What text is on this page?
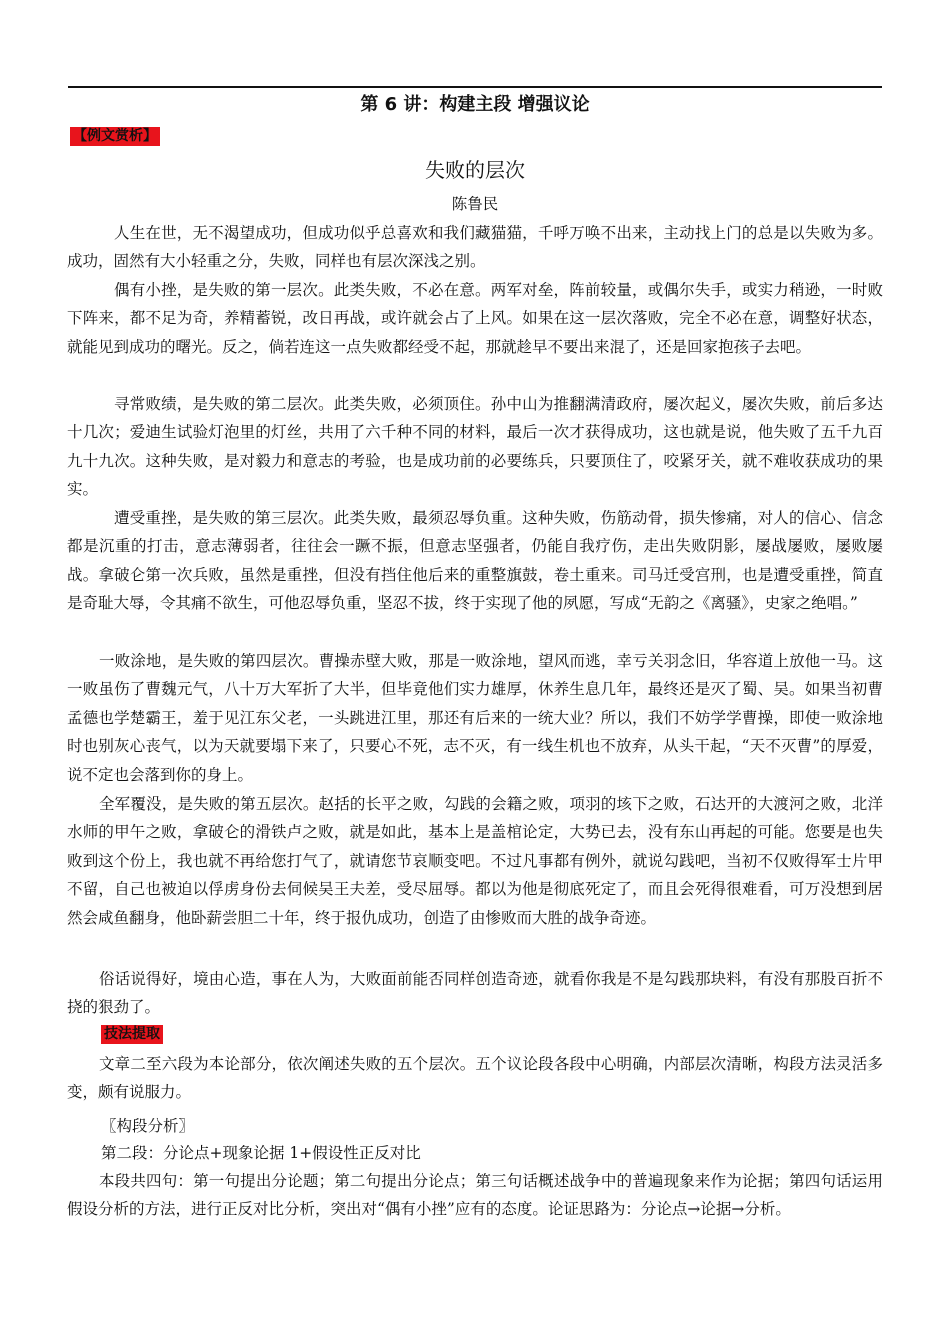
第 6 讲：构建主段 增强议论
【例文赏析】
失败的层次
陈鲁民

人生在世，无不渴望成功，但成功似乎总喜欢和我们藏猫猫，千呼万唤不出来，主动找上门的总是以失败为多。成功，固然有大小轻重之分，失败，同样也有层次深浅之别。

偶有小挫，是失败的第一层次。此类失败，不必在意。两军对垒，阵前较量，或偶尔失手，或实力稍逊，一时败下阵来，都不足为奇，养精蓄锐，改日再战，或许就会占了上风。如果在这一层次落败，完全不必在意，调整好状态，就能见到成功的曙光。反之，倘若连这一点失败都经受不起，那就趁早不要出来混了，还是回家抱孩子去吧。

寻常败绩，是失败的第二层次。此类失败，必须顶住。孙中山为推翻满清政府，屡次起义，屡次失败，前后多达十几次；爱迪生试验灯泡里的灯丝，共用了六千种不同的材料，最后一次才获得成功，这也就是说，他失败了五千九百九十九次。这种失败，是对毅力和意志的考验，也是成功前的必要练兵，只要顶住了，咬紧牙关，就不难收获成功的果实。

遭受重挫，是失败的第三层次。此类失败，最须忍辱负重。这种失败，伤筋动骨，损失惨痛，对人的信心、信念都是沉重的打击，意志薄弱者，往往会一蹶不振，但意志坚强者，仍能自我疗伤，走出失败阴影，屡战屡败，屡败屡战。拿破仑第一次兵败，虽然是重挫，但没有挡住他后来的重整旗鼓，卷土重来。司马迁受宫刑，也是遭受重挫，简直是奇耻大辱，令其痛不欲生，可他忍辱负重，坚忍不拔，终于实现了他的夙愿，写成“无韵之《离骚》，史家之绝唱。”

一败涂地，是失败的第四层次。曹操赤壁大败，那是一败涂地，望风而逃，幸亏关羽念旧，华容道上放他一马。这一败虽伤了曹魏元气，八十万大军折了大半，但毕竟他们实力雄厚，休养生息几年，最终还是灭了蜀、吴。如果当初曹孟德也学楚霸王，羞于见江东父老，一头跳进江里，那还有后来的一统大业？所以，我们不妨学学曹操，即使一败涂地时也别灰心丧气，以为天就要塌下来了，只要心不死，志不灭，有一线生机也不放弃，从头干起，“天不灭曹”的厚爱，说不定也会落到你的身上。

全军覆没，是失败的第五层次。赵括的长平之败，勾践的会籍之败，项羽的垓下之败，石达开的大渡河之败，北洋水师的甲午之败，拿破仑的滑铁卢之败，就是如此，基本上是盖棺论定，大势已去，没有东山再起的可能。您要是也失败到这个份上，我也就不再给您打气了，就请您节哀顺变吧。不过凡事都有例外，就说勾践吧，当初不仅败得军士片甲不留，自己也被迫以俘虏身份去伺候吴王夫差，受尽屈辱。都以为他是彻底死定了，而且会死得很难看，可万没想到居然会咸鱼翻身，他卧薪尝胆二十年，终于报仇成功，创造了由惨败而大胜的战争奇迹。

俗话说得好，境由心造，事在人为，大败面前能否同样创造奇迹，就看你我是不是勾践那块料，有没有那股百折不挠的狠劲了。

技法提取

文章二至六段为本论部分，依次阐述失败的五个层次。五个议论段各段中心明确，内部层次清晰，构段方法灵活多变，颇有说服力。

〖构段分析〗
第二段：分论点+现象论据 1+假设性正反对比

本段共四句：第一句提出分论题；第二句提出分论点；第三句话概述战争中的普遍现象来作为论据；第四句话运用假设分析的方法，进行正反对比分析，突出对“偶有小挫”应有的态度。论证思路为：分论点→论据→分析。
